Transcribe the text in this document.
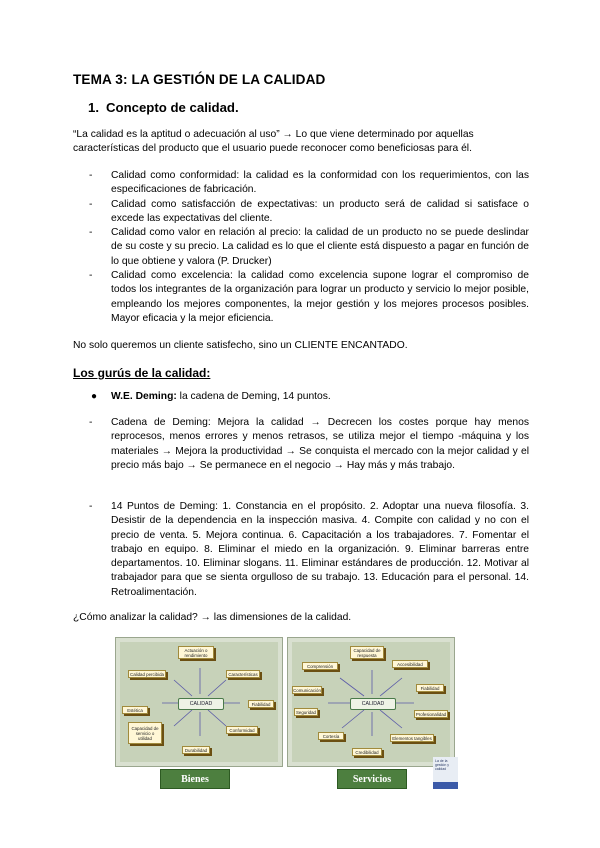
TEMA 3: LA GESTIÓN DE LA CALIDAD
1. Concepto de calidad.
“La calidad es la aptitud o adecuación al uso” → Lo que viene determinado por aquellas
características del producto que el usuario puede reconocer como beneficiosas para él.
- Calidad como conformidad: la calidad es la conformidad con los requerimientos, con las especificaciones de fabricación.
- Calidad como satisfacción de expectativas: un producto será de calidad si satisface o excede las expectativas del cliente.
- Calidad como valor en relación al precio: la calidad de un producto no se puede deslindar de su coste y su precio. La calidad es lo que el cliente está dispuesto a pagar en función de lo que obtiene y valora (P. Drucker)
- Calidad como excelencia: la calidad como excelencia supone lograr el compromiso de todos los integrantes de la organización para lograr un producto y servicio lo mejor posible, empleando los mejores componentes, la mejor gestión y los mejores procesos posibles. Mayor eficacia y la mejor eficiencia.
No solo queremos un cliente satisfecho, sino un CLIENTE ENCANTADO.
Los gurús de la calidad:
● W.E. Deming: la cadena de Deming, 14 puntos.
- Cadena de Deming: Mejora la calidad → Decrecen los costes porque hay menos reprocesos, menos errores y menos retrasos, se utiliza mejor el tiempo -máquina y los materiales → Mejora la productividad → Se conquista el mercado con la mejor calidad y el precio más bajo → Se permanece en el negocio → Hay más y más trabajo.
- 14 Puntos de Deming: 1. Constancia en el propósito. 2. Adoptar una nueva filosofía. 3. Desistir de la dependencia en la inspección masiva. 4. Compite con calidad y no con el precio de venta. 5. Mejora continua. 6. Capacitación a los trabajadores. 7. Fomentar el trabajo en equipo. 8. Eliminar el miedo en la organización. 9. Eliminar barreras entre departamentos. 10. Eliminar slogans. 11. Eliminar estándares de producción. 12. Motivar al trabajador para que se sienta orgulloso de su trabajo. 13. Educación para el personal. 14. Retroalimentación.
¿Cómo analizar la calidad? → las dimensiones de la calidad.
CALIDAD
Actuación o rendimiento
Calidad percibida	Características
Estética
Fiabilidad
Capacidad de servicio o utilidad
Conformidad
Durabilidad
Bienes
CALIDAD
Capacidad de respuesta
Comprensión	Accesibilidad
Comunicación	Fiabilidad
Seguridad	Profesionalidad
Cortesía	Elementos tangibles
Credibilidad
Servicios
La de la gestión y calidad
